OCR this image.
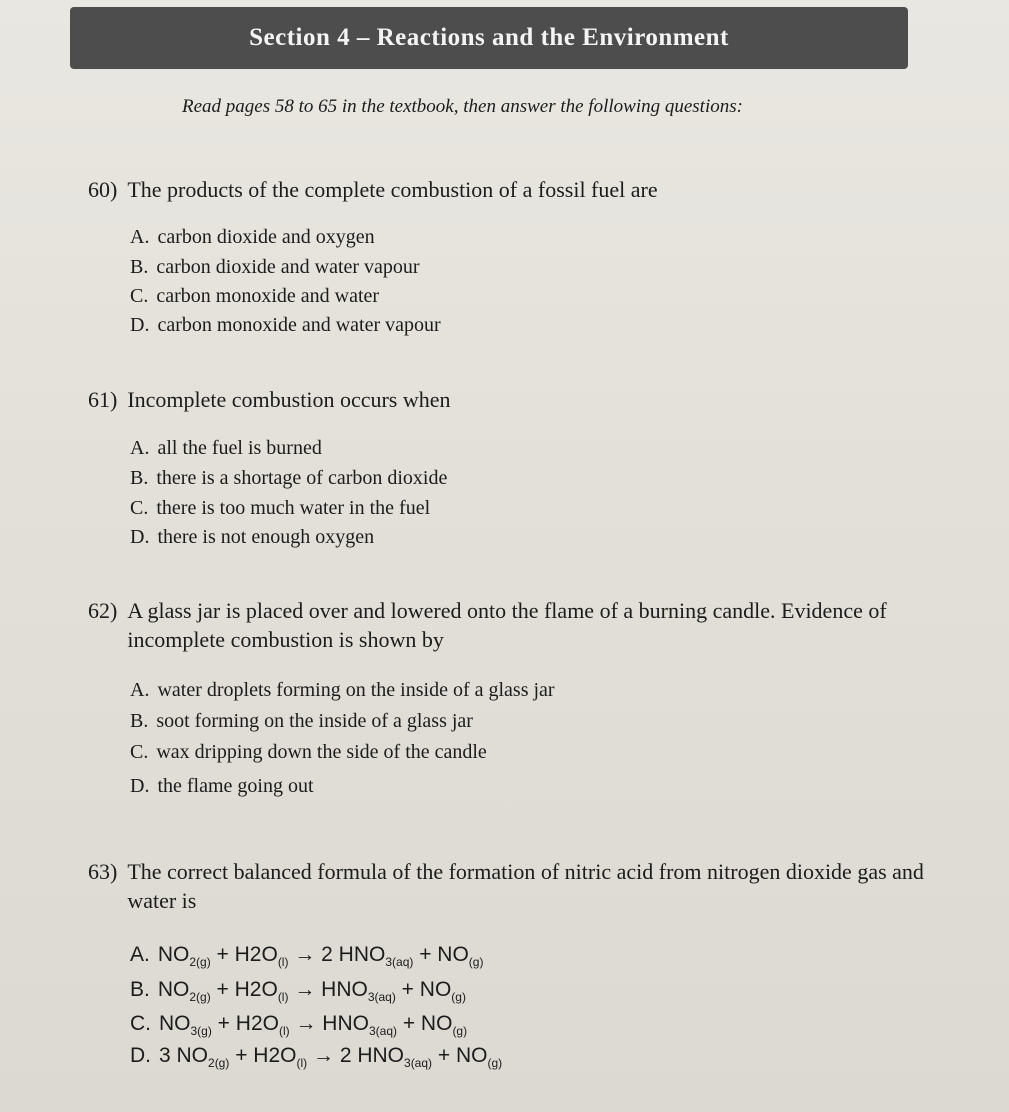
Section 4 – Reactions and the Environment
Read pages 58 to 65 in the textbook, then answer the following questions:
60) The products of the complete combustion of a fossil fuel are
A. carbon dioxide and oxygen
B. carbon dioxide and water vapour
C. carbon monoxide and water
D. carbon monoxide and water vapour
61) Incomplete combustion occurs when
A. all the fuel is burned
B. there is a shortage of carbon dioxide
C. there is too much water in the fuel
D. there is not enough oxygen
62) A glass jar is placed over and lowered onto the flame of a burning candle. Evidence of incomplete combustion is shown by
A. water droplets forming on the inside of a glass jar
B. soot forming on the inside of a glass jar
C. wax dripping down the side of the candle
D. the flame going out
63) The correct balanced formula of the formation of nitric acid from nitrogen dioxide gas and water is
A. $NO_{2(g)} + H2O_{(l)} \to 2$ $HNO_{3(aq)} + NO_{(g)}$
B. $NO_{2(g)} + H2O_{(l)} \to HNO_{3(aq)} + NO_{(g)}$
C. $NO_{3(g)} + H2O_{(l)} \to HNO_{3(aq)} + NO_{(g)}$
D. 3 $NO_{2(g)} + H2O_{(l)} \to 2$ $HNO_{3(aq)} + NO_{(g)}$
